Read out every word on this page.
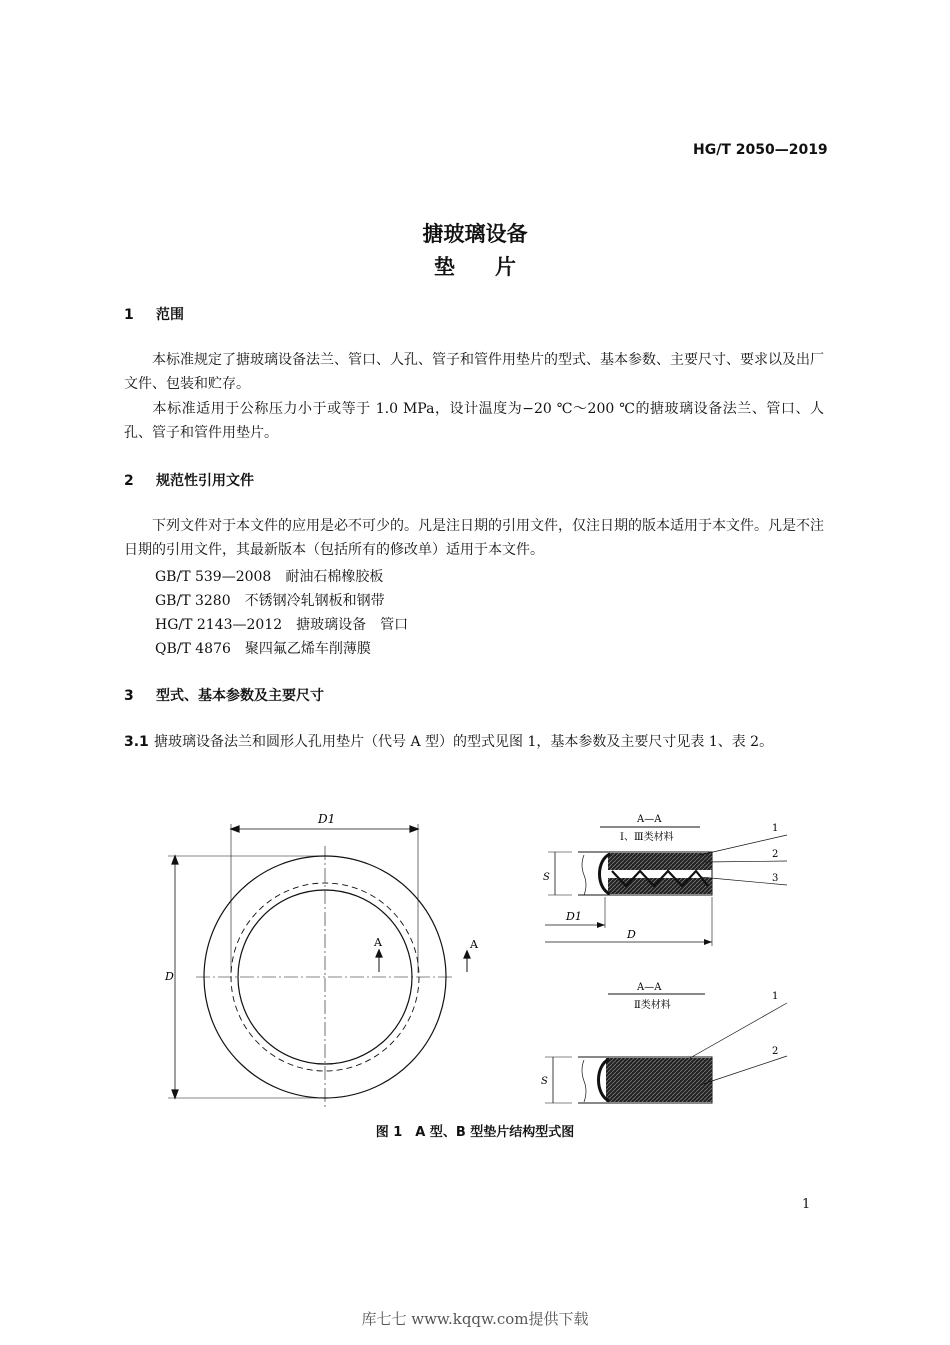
HG/T 2050—2019
搪玻璃设备
垫片
1 范围
本标准规定了搪玻璃设备法兰、管口、人孔、管子和管件用垫片的型式、基本参数、主要尺寸、要求以及出厂文件、包装和贮存。
本标准适用于公称压力小于或等于 1.0 MPa，设计温度为−20 ℃～200 ℃的搪玻璃设备法兰、管口、人孔、管子和管件用垫片。
2 规范性引用文件
下列文件对于本文件的应用是必不可少的。凡是注日期的引用文件，仅注日期的版本适用于本文件。凡是不注日期的引用文件，其最新版本（包括所有的修改单）适用于本文件。
GB/T 539—2008 耐油石棉橡胶板
GB/T 3280 不锈钢冷轧钢板和钢带
HG/T 2143—2012 搪玻璃设备　管口
QB/T 4876 聚四氟乙烯车削薄膜
3 型式、基本参数及主要尺寸
3.1 搪玻璃设备法兰和圆形人孔用垫片（代号 A 型）的型式见图 1，基本参数及主要尺寸见表 1、表 2。
D1
D
A	A
A—A
Ⅰ、Ⅲ类材料
S
D1
D
1
2
3
A—A
Ⅱ类材料
S
1
2
图 1　A 型、B 型垫片结构型式图
1
库七七 www.kqqw.com提供下载
